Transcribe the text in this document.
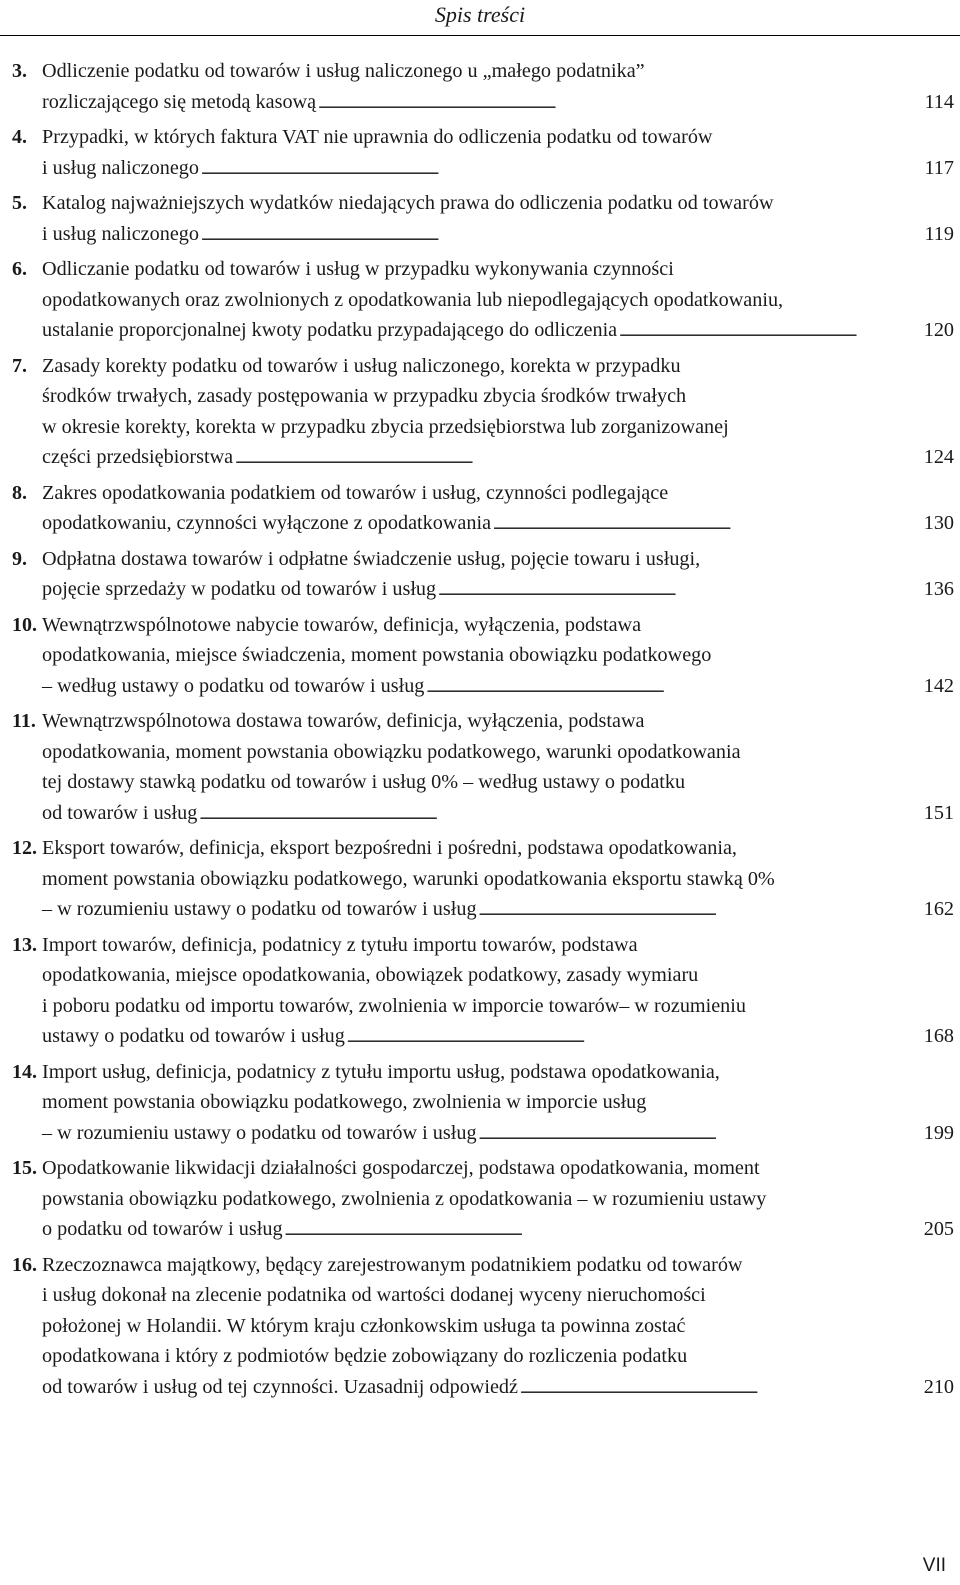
Spis treści
3. Odliczenie podatku od towarów i usług naliczonego u „małego podatnika”
rozliczającego się metodą kasową . . .	114
4. Przypadki, w których faktura VAT nie uprawnia do odliczenia podatku od towarów
i usług naliczonego . . .	117
5. Katalog najważniejszych wydatków niedających prawa do odliczenia podatku od towarów
i usług naliczonego . . .	119
6. Odliczanie podatku od towarów i usług w przypadku wykonywania czynności
opodatkowanych oraz zwolnionych z opodatkowania lub niepodlegających opodatkowaniu,
ustalanie proporcjonalnej kwoty podatku przypadającego do odliczenia . . .	120
7. Zasady korekty podatku od towarów i usług naliczonego, korekta w przypadku
środków trwałych, zasady postępowania w przypadku zbycia środków trwałych
w okresie korekty, korekta w przypadku zbycia przedsiębiorstwa lub zorganizowanej
części przedsiębiorstwa . . .	124
8. Zakres opodatkowania podatkiem od towarów i usług, czynności podlegające
opodatkowaniu, czynności wyłączone z opodatkowania . . .	130
9. Odpłatna dostawa towarów i odpłatne świadczenie usług, pojęcie towaru i usługi,
pojęcie sprzedaży w podatku od towarów i usług . . .	136
10. Wewnątrzwspólnotowe nabycie towarów, definicja, wyłączenia, podstawa
opodatkowania, miejsce świadczenia, moment powstania obowiązku podatkowego
– według ustawy o podatku od towarów i usług . . .	142
11. Wewnątrzwspólnotowa dostawa towarów, definicja, wyłączenia, podstawa
opodatkowania, moment powstania obowiązku podatkowego, warunki opodatkowania
tej dostawy stawką podatku od towarów i usług 0% – według ustawy o podatku
od towarów i usług . . .	151
12. Eksport towarów, definicja, eksport bezpośredni i pośredni, podstawa opodatkowania,
moment powstania obowiązku podatkowego, warunki opodatkowania eksportu stawką 0%
– w rozumieniu ustawy o podatku od towarów i usług . . .	162
13. Import towarów, definicja, podatnicy z tytułu importu towarów, podstawa
opodatkowania, miejsce opodatkowania, obowiązek podatkowy, zasady wymiaru
i poboru podatku od importu towarów, zwolnienia w imporcie towarów– w rozumieniu
ustawy o podatku od towarów i usług . . .	168
14. Import usług, definicja, podatnicy z tytułu importu usług, podstawa opodatkowania,
moment powstania obowiązku podatkowego, zwolnienia w imporcie usług
– w rozumieniu ustawy o podatku od towarów i usług . . .	199
15. Opodatkowanie likwidacji działalności gospodarczej, podstawa opodatkowania, moment
powstania obowiązku podatkowego, zwolnienia z opodatkowania – w rozumieniu ustawy
o podatku od towarów i usług . . .	205
16. Rzeczoznawca majątkowy, będący zarejestrowanym podatnikiem podatku od towarów
i usług dokonał na zlecenie podatnika od wartości dodanej wyceny nieruchomości
położonej w Holandii. W którym kraju członkowskim usługa ta powinna zostać
opodatkowana i który z podmiotów będzie zobowiązany do rozliczenia podatku
od towarów i usług od tej czynności. Uzasadnij odpowiedź . . .	210
VII
